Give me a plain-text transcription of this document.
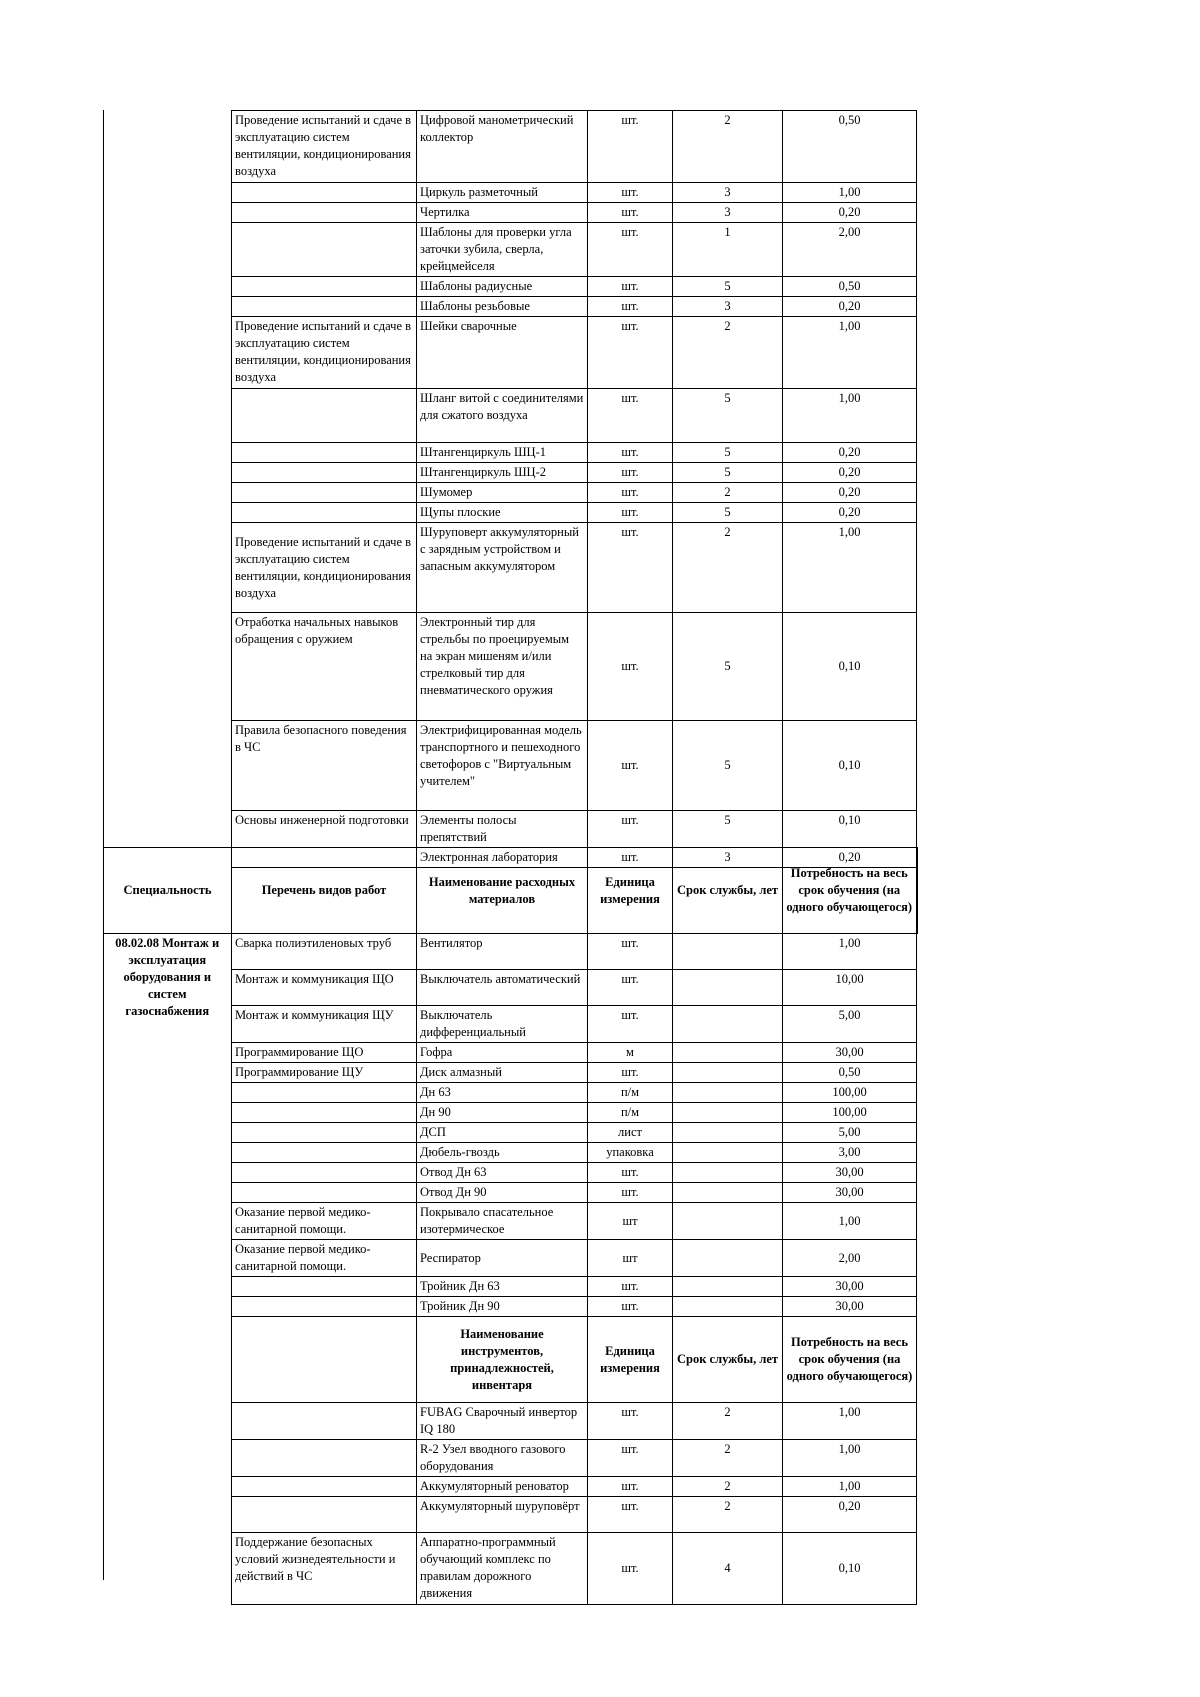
Проведение испытаний и сдаче в эксплуатацию систем вентиляции, кондиционирования воздуха	Цифровой манометрический коллектор	шт.	2	0,50
	Циркуль разметочный	шт.	3	1,00
	Чертилка	шт.	3	0,20
	Шаблоны для проверки угла заточки зубила, сверла, крейцмейселя	шт.	1	2,00
	Шаблоны радиусные	шт.	5	0,50
	Шаблоны резьбовые	шт.	3	0,20
Проведение испытаний и сдаче в эксплуатацию систем вентиляции, кондиционирования воздуха	Шейки сварочные	шт.	2	1,00
	Шланг витой с соединителями для сжатого воздуха	шт.	5	1,00
	Штангенциркуль ШЦ-1	шт.	5	0,20
	Штангенциркуль ШЦ-2	шт.	5	0,20
	Шумомер	шт.	2	0,20
	Щупы плоские	шт.	5	0,20
Проведение испытаний и сдаче в эксплуатацию систем вентиляции, кондиционирования воздуха	Шуруповерт аккумуляторный с зарядным устройством и запасным аккумулятором	шт.	2	1,00
Отработка начальных навыков обращения с оружием	Электронный тир для стрельбы по проецируемым на экран мишеням и/или стрелковый тир для пневматического оружия	шт.	5	0,10
Правила безопасного поведения в ЧС	Электрифицированная модель транспортного и пешеходного светофоров с "Виртуальным учителем"	шт.	5	0,10
Основы инженерной подготовки	Элементы полосы препятствий	шт.	5	0,10
	Электронная лаборатория	шт.	3	0,20
Специальность	Перечень видов работ	Наименование расходных материалов	Единица измерения	Срок службы, лет	Потребность на весь срок обучения (на одного обучающегося)
08.02.08 Монтаж и эксплуатация оборудования и систем газоснабжения	Сварка полиэтиленовых труб	Вентилятор	шт.		1,00
	Монтаж и коммуникация ЩО	Выключатель автоматический	шт.		10,00
	Монтаж и коммуникация ЩУ	Выключатель дифференциальный	шт.		5,00
	Программирование ЩО	Гофра	м		30,00
	Программирование ЩУ	Диск алмазный	шт.		0,50
		Дн 63	п/м		100,00
		Дн 90	п/м		100,00
		ДСП	лист		5,00
		Дюбель-гвоздь	упаковка		3,00
		Отвод Дн 63	шт.		30,00
		Отвод Дн 90	шт.		30,00
	Оказание первой медико-санитарной помощи.	Покрывало спасательное изотермическое	шт		1,00
	Оказание первой медико-санитарной помощи.	Респиратор	шт		2,00
		Тройник Дн 63	шт.		30,00
		Тройник Дн 90	шт.		30,00
		Наименование инструментов, принадлежностей, инвентаря	Единица измерения	Срок службы, лет	Потребность на весь срок обучения (на одного обучающегося)
		FUBAG Сварочный инвертор IQ 180	шт.	2	1,00
		R-2 Узел вводного газового оборудования	шт.	2	1,00
		Аккумуляторный реноватор	шт.	2	1,00
		Аккумуляторный шуруповёрт	шт.	2	0,20
	Поддержание безопасных условий жизнедеятельности и действий в ЧС	Аппаратно-программный обучающий комплекс по правилам дорожного движения	шт.	4	0,10
